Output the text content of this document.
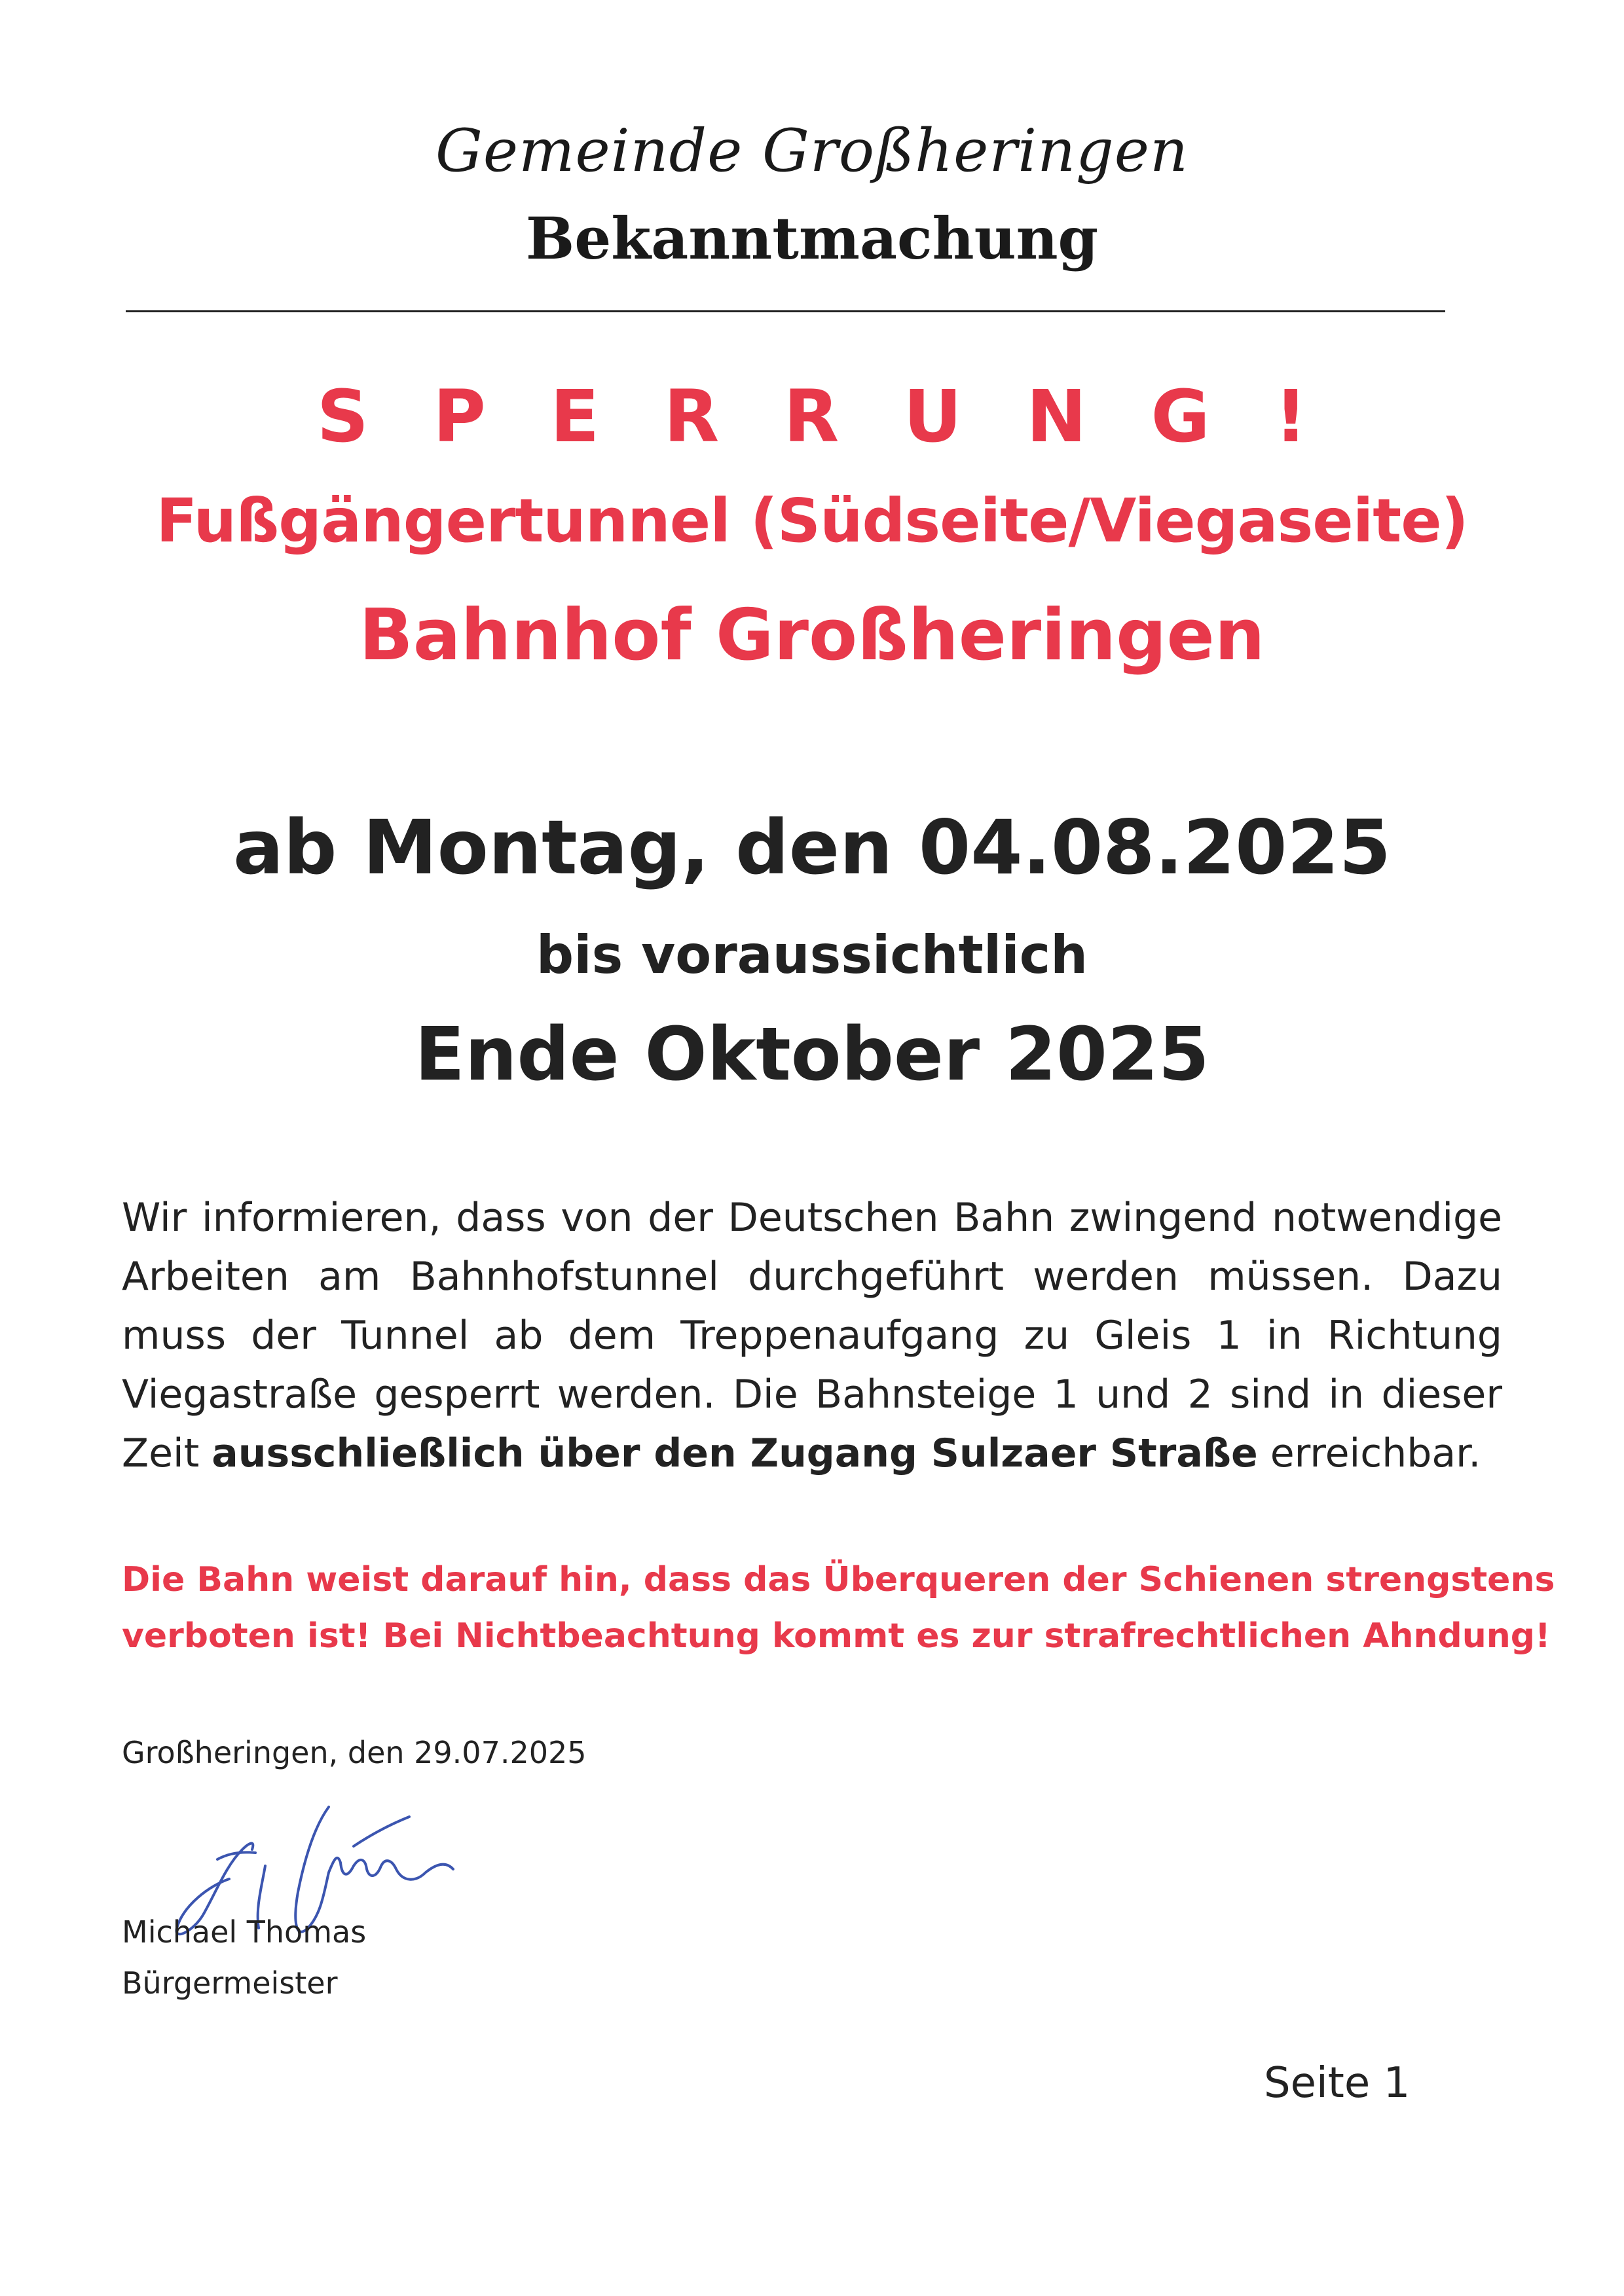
Gemeinde Großheringen
Bekanntmachung
S P E R R U N G !
Fußgängertunnel (Südseite/Viegaseite)
Bahnhof Großheringen
ab Montag, den 04.08.2025
bis voraussichtlich
Ende Oktober 2025
Wir informieren, dass von der Deutschen Bahn zwingend notwendige Arbeiten am Bahnhofstunnel durchgeführt werden müssen. Dazu muss der Tunnel ab dem Treppenaufgang zu Gleis 1 in Richtung Viegastraße gesperrt werden. Die Bahnsteige 1 und 2 sind in dieser Zeit ausschließlich über den Zugang Sulzaer Straße erreichbar.
Die Bahn weist darauf hin, dass das Überqueren der Schienen strengstens
verboten ist! Bei Nichtbeachtung kommt es zur strafrechtlichen Ahndung!
Großheringen, den 29.07.2025
Michael Thomas
Bürgermeister
Seite 1
